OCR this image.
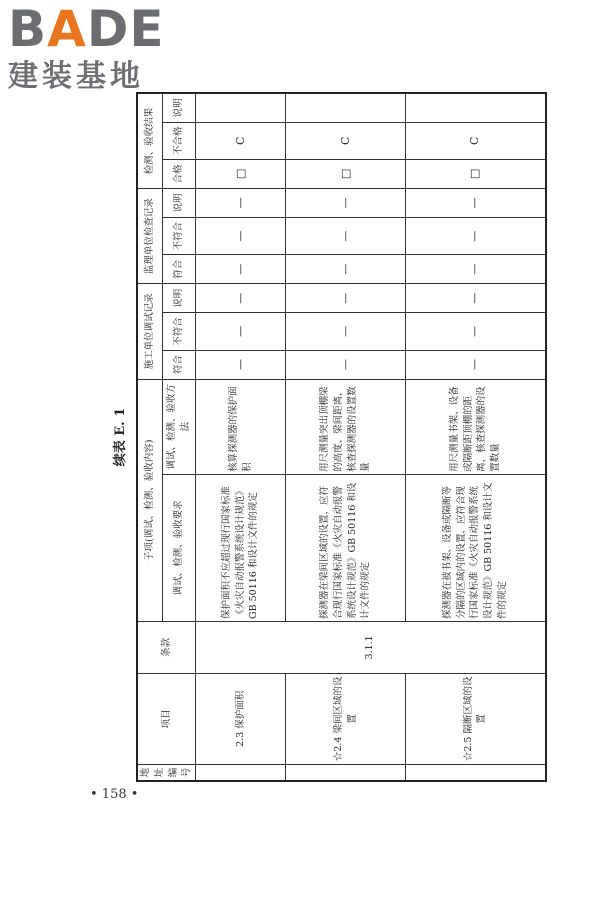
BADE
建装基地
续表 E. 1
地址编号	项目	条款	子项(调试、检测、验收内容)		施工单位调试记录			监理单位检查记录			检测、验收结果		
			调试、检测、验收要求	调试、检测、验收方法	符合	不符合	说明	符合	不符合	说明	合格	不合格	说明
	2.3 保护面积	3.1.1	保护面积不应超过现行国家标准《火灾自动报警系统设计规范》GB 50116 和设计文件的规定	核算探测器的保护面积	—	—	—	—	—	—	□	C	
	☆2.4 梁间区域的设置		探测器在梁间区域的设置，应符合现行国家标准《火灾自动报警系统设计规范》GB 50116 和设计文件的规定	用尺测量突出顶棚梁的高度、梁间距离，核查探测器的设置数量	—	—	—	—	—	—	□	C	
	☆2.5 隔断区域的设置		探测器在被书架、设备或隔断等分隔的区域内的设置，应符合现行国家标准《火灾自动报警系统设计规范》GB 50116 和设计文件的规定	用尺测量书架、设备或隔断距顶棚的距离，核查探测器的设置数量	—	—	—	—	—	—	□	C	
• 158 •
